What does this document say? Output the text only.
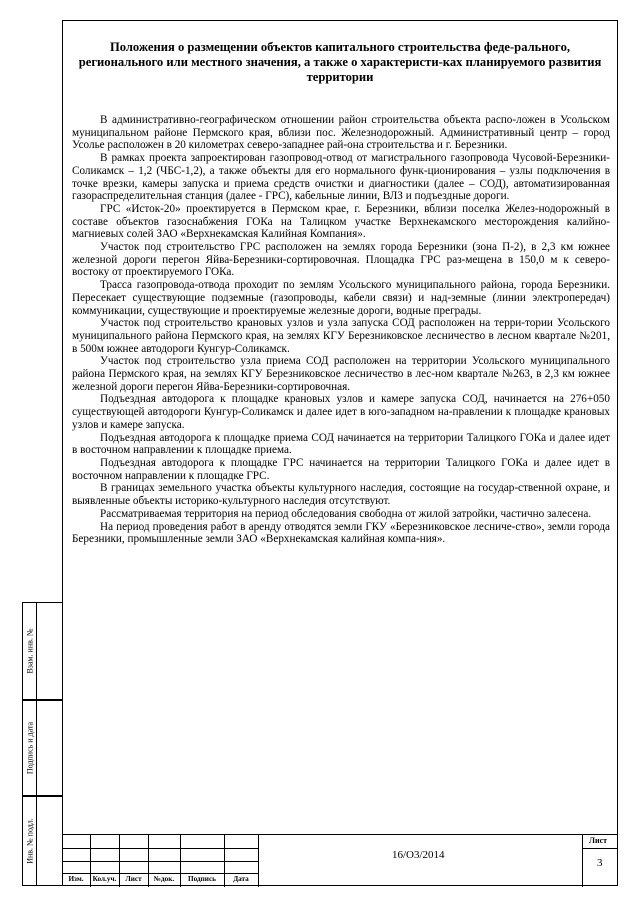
Положения о размещении объектов капитального строительства феде-ральногo, регионального или местного значения, а также о характеристи-ках планируемого развития территории

В административно-географическом отношении район строительства объекта распо-ложен в Усольском муниципальном районе Пермского края, вблизи пос. Железнодорожный. Административный центр – город Усолье расположен в 20 километрах северо-западнее рай-она строительства и г. Березники.

В рамках проекта запроектирован газопровод-отвод от магистрального газопровода Чусовой-Березники-Соликамск – 1,2 (ЧБС-1,2), а также объекты для его нормального функ-ционирования – узлы подключения в точке врезки, камеры запуска и приема средств очистки и диагностики (далее – СОД), автоматизированная газораспределительная станция (далее - ГРС), кабельные линии, ВЛЗ и подъездные дороги.

ГРС «Исток-20» проектируется в Пермском крае, г. Березники, вблизи поселка Желез-нодорожный в составе объектов газоснабжения ГОКа на Талицком участке Верхнекамского месторождения калийно-магниевых солей ЗАО «Верхнекамская Калийная Компания».

Участок под строительство ГРС расположен на землях города Березники (зона П-2), в 2,3 км южнее железной дороги перегон Яйва-Березники-сортировочная. Площадка ГРС раз-мещена в 150,0 м к северо-востоку от проектируемого ГОКа.

Трасса газопровода-отвода проходит по землям Усольского муниципального района, города Березники. Пересекает существующие подземные (газопроводы, кабели связи) и над-земные (линии электропередач) коммуникации, существующие и проектируемые железные дороги, водные преграды.

Участок под строительство крановых узлов и узла запуска СОД расположен на терри-тории Усольского муниципального района Пермского края, на землях КГУ Березниковское лесничество в лесном квартале №201, в 500м южнее автодороги Кунгур-Соликамск.

Участок под строительство узла приема СОД расположен на территории Усольского муниципального района Пермского края, на землях КГУ Березниковское лесничество в лес-ном квартале №263, в 2,3 км южнее железной дороги перегон Яйва-Березники-сортировочная.

Подъездная автодорога к площадке крановых узлов и камере запуска СОД, начинается на 276+050 существующей автодороги Кунгур-Соликамск и далее идет в юго-западном на-правлении к площадке крановых узлов и камере запуска.

Подъездная автодорога к площадке приема СОД начинается на территории Талицкого ГОКа и далее идет в восточном направлении к площадке приема.

Подъездная автодорога к площадке ГРС начинается на территории Талицкого ГОКа и далее идет в восточном направлении к площадке ГРС.

В границах земельного участка объекты культурного наследия, состоящие на государ-ственной охране, и выявленные объекты историко-культурного наследия отсутствуют.

Рассматриваемая территория на период обследования свободна от жилой затройки, частично залесена.

На период проведения работ в аренду отводятся земли ГКУ «Березниковское лесниче-ство», земли города Березники, промышленные земли ЗАО «Верхнекамская калийная компа-ния».

Взам. инв. №
Подпись и дата
Инв. № подл.
Изм.	Кол.уч.	Лист	№док.	Подпись	Дата
16/О3/2014
Лист
3
